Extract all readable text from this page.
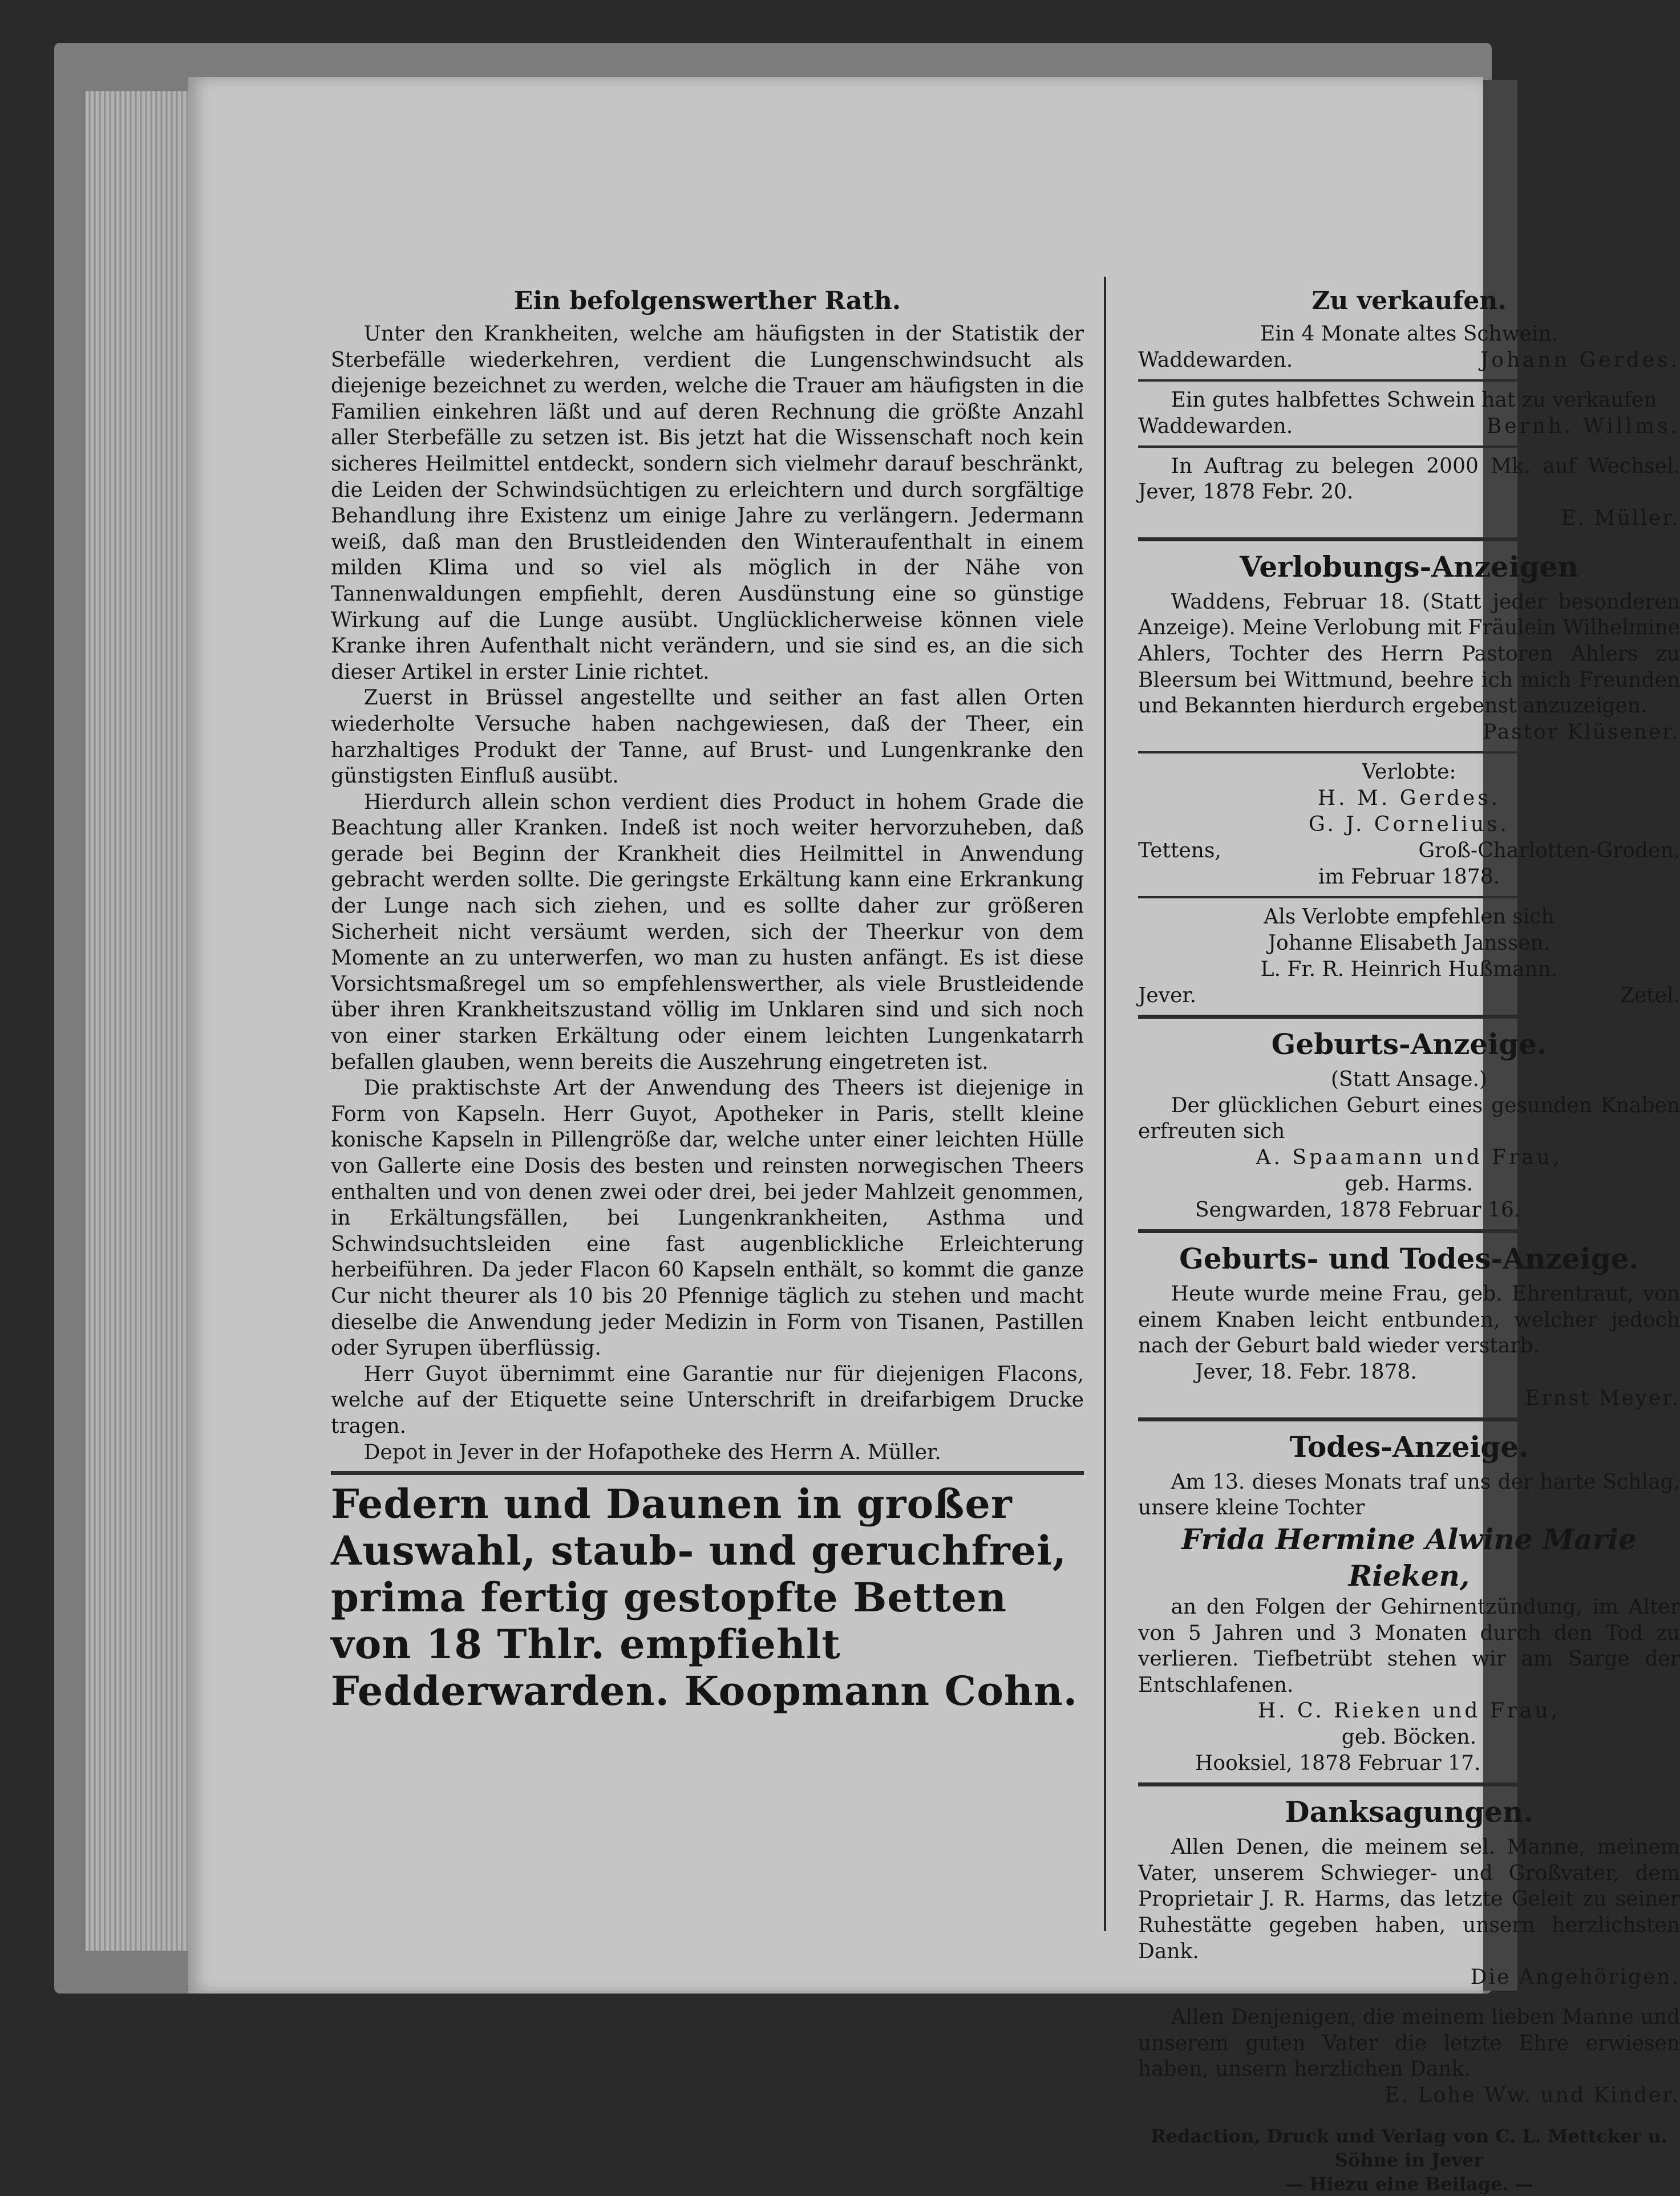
Ein befolgenswerther Rath.

Unter den Krankheiten, welche am häufigsten in der Statistik der Sterbefälle wiederkehren, verdient die Lungenschwindsucht als diejenige bezeichnet zu werden, welche die Trauer am häufigsten in die Familien einkehren läßt und auf deren Rechnung die größte Anzahl aller Sterbefälle zu setzen ist. Bis jetzt hat die Wissenschaft noch kein sicheres Heilmittel entdeckt, sondern sich vielmehr darauf beschränkt, die Leiden der Schwindsüchtigen zu erleichtern und durch sorgfältige Behandlung ihre Existenz um einige Jahre zu verlängern. Jedermann weiß, daß man den Brustleidenden den Winteraufenthalt in einem milden Klima und so viel als möglich in der Nähe von Tannenwaldungen empfiehlt, deren Ausdünstung eine so günstige Wirkung auf die Lunge ausübt. Unglücklicherweise können viele Kranke ihren Aufenthalt nicht verändern, und sie sind es, an die sich dieser Artikel in erster Linie richtet.

Zuerst in Brüssel angestellte und seither an fast allen Orten wiederholte Versuche haben nachgewiesen, daß der Theer, ein harzhaltiges Produkt der Tanne, auf Brust- und Lungenkranke den günstigsten Einfluß ausübt.

Hierdurch allein schon verdient dies Product in hohem Grade die Beachtung aller Kranken. Indeß ist noch weiter hervorzuheben, daß gerade bei Beginn der Krankheit dies Heilmittel in Anwendung gebracht werden sollte. Die geringste Erkältung kann eine Erkrankung der Lunge nach sich ziehen, und es sollte daher zur größeren Sicherheit nicht versäumt werden, sich der Theerkur von dem Momente an zu unterwerfen, wo man zu husten anfängt. Es ist diese Vorsichtsmaßregel um so empfehlenswerther, als viele Brustleidende über ihren Krankheitszustand völlig im Unklaren sind und sich noch von einer starken Erkältung oder einem leichten Lungenkatarrh befallen glauben, wenn bereits die Auszehrung eingetreten ist.

Die praktischste Art der Anwendung des Theers ist diejenige in Form von Kapseln. Herr Guyot, Apotheker in Paris, stellt kleine konische Kapseln in Pillengröße dar, welche unter einer leichten Hülle von Gallerte eine Dosis des besten und reinsten norwegischen Theers enthalten und von denen zwei oder drei, bei jeder Mahlzeit genommen, in Erkältungsfällen, bei Lungenkrankheiten, Asthma und Schwindsuchtsleiden eine fast augenblickliche Erleichterung herbeiführen. Da jeder Flacon 60 Kapseln enthält, so kommt die ganze Cur nicht theurer als 10 bis 20 Pfennige täglich zu stehen und macht dieselbe die Anwendung jeder Medizin in Form von Tisanen, Pastillen oder Syrupen überflüssig.

Herr Guyot übernimmt eine Garantie nur für diejenigen Flacons, welche auf der Etiquette seine Unterschrift in dreifarbigem Drucke tragen.

Depot in Jever in der Hofapotheke des Herrn A. Müller.

Federn und Daunen in großer
Auswahl, staub- und geruchfrei,
prima fertig gestopfte Betten
von 18 Thlr. empfiehlt
Fedderwarden. Koopmann Cohn.
Zu verkaufen.
Ein 4 Monate altes Schwein.
Waddewarden.	Johann Gerdes.

Ein gutes halbfettes Schwein hat zu verkaufen

Waddewarden.	Bernh. Willms.

In Auftrag zu belegen 2000 Mk. auf Wechsel. Jever, 1878 Febr. 20.

E. Müller.
Verlobungs-Anzeigen

Waddens, Februar 18. (Statt jeder besonderen Anzeige). Meine Verlobung mit Fräulein Wilhelmine Ahlers, Tochter des Herrn Pastoren Ahlers zu Bleersum bei Wittmund, beehre ich mich Freunden und Bekannten hierdurch ergebenst anzuzeigen.

Pastor Klüsener.
Verlobte:
H. M. Gerdes.
G. J. Cornelius.
Tettens,	Groß-Charlotten-Groden,
im Februar 1878.
Als Verlobte empfehlen sich
Johanne Elisabeth Janssen.
L. Fr. R. Heinrich Hußmann.
Jever.	Zetel.
Geburts-Anzeige.
(Statt Ansage.)

Der glücklichen Geburt eines gesunden Knaben erfreuten sich

A. Spaamann und Frau,
geb. Harms.
Sengwarden, 1878 Februar 16.
Geburts- und Todes-Anzeige.

Heute wurde meine Frau, geb. Ehrentraut, von einem Knaben leicht entbunden, welcher jedoch nach der Geburt bald wieder verstarb.

Jever, 18. Febr. 1878.
Ernst Meyer.
Todes-Anzeige.

Am 13. dieses Monats traf uns der harte Schlag, unsere kleine Tochter

Frida Hermine Alwine Marie
Rieken,

an den Folgen der Gehirnentzündung, im Alter von 5 Jahren und 3 Monaten durch den Tod zu verlieren. Tiefbetrübt stehen wir am Sarge der Entschlafenen.

H. C. Rieken und Frau,
geb. Böcken.
Hooksiel, 1878 Februar 17.
Danksagungen.

Allen Denen, die meinem sel. Manne, meinem Vater, unserem Schwieger- und Großvater, dem Proprietair J. R. Harms, das letzte Geleit zu seiner Ruhestätte gegeben haben, unsern herzlichsten Dank.

Die Angehörigen.

Allen Denjenigen, die meinem lieben Manne und unserem guten Vater die letzte Ehre erwiesen haben, unsern herzlichen Dank.

E. Lohe Ww. und Kinder.
Redaction, Druck und Verlag von C. L. Mettcker u. Söhne in Jever
— Hiezu eine Beilage. —
